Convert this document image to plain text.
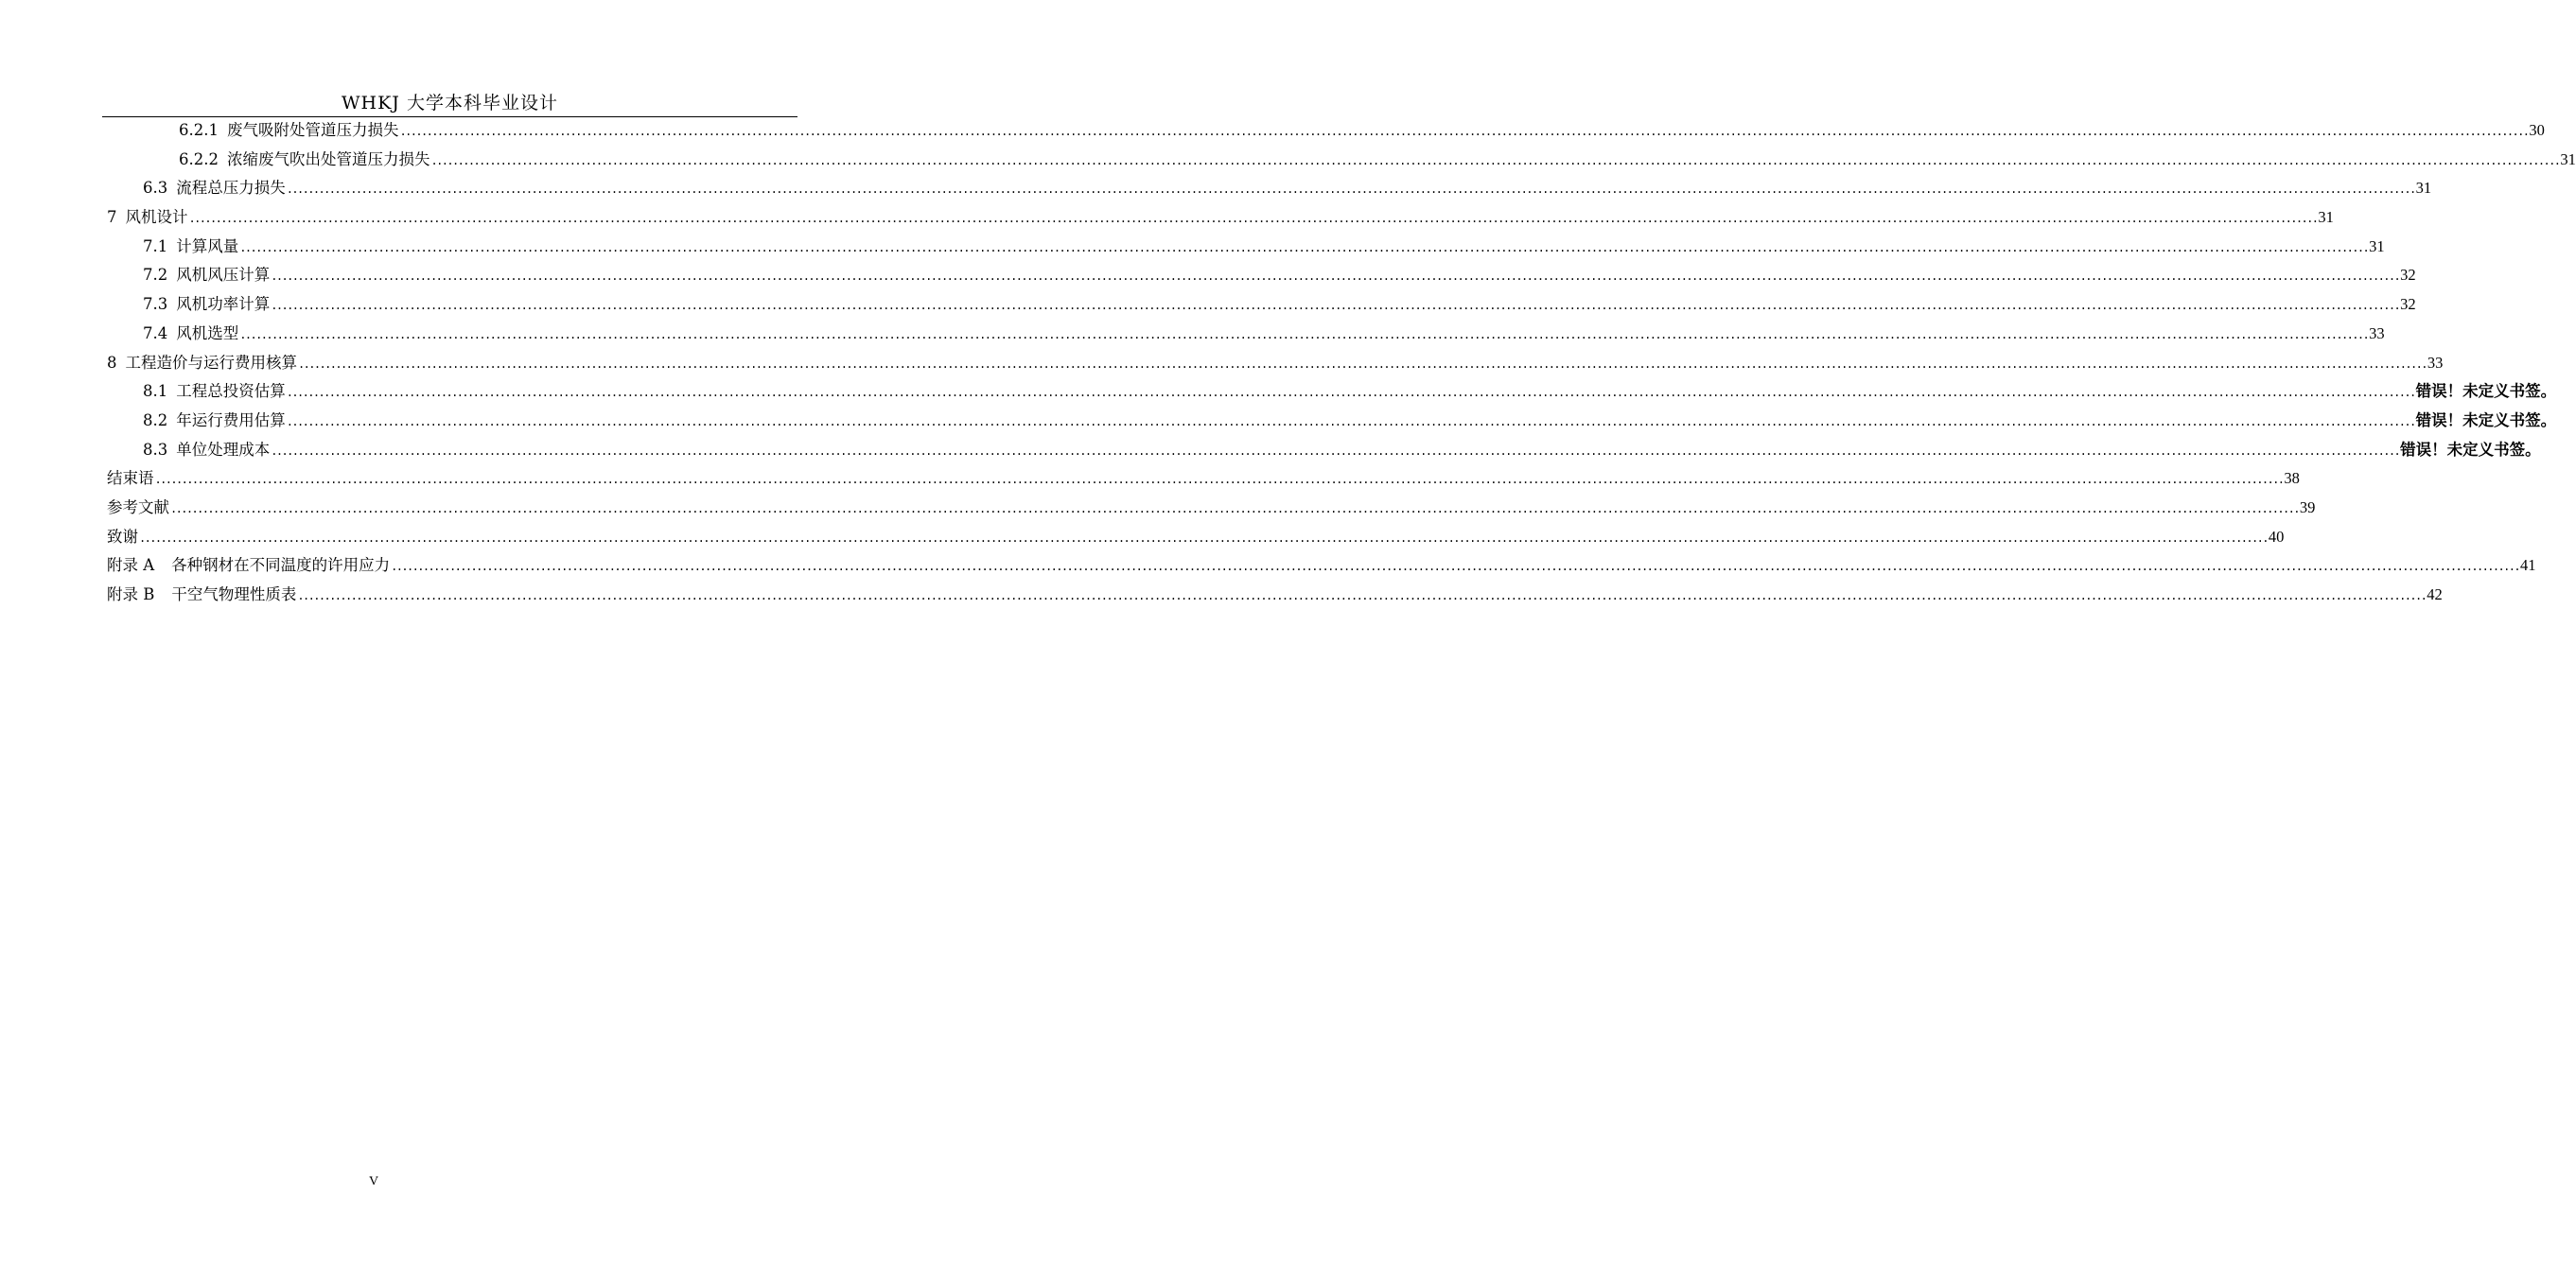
WHKJ 大学本科毕业设计
6.2.1 废气吸附处管道压力损失 ................................................................................................................................................................................................................................................................................................................................................................................................................ 30
6.2.2 浓缩废气吹出处管道压力损失 ................................................................................................................................................................................................................................................................................................................................................................................................................ 31
6.3 流程总压力损失 ................................................................................................................................................................................................................................................................................................................................................................................................................ 31
7 风机设计 ................................................................................................................................................................................................................................................................................................................................................................................................................ 31
7.1 计算风量 ................................................................................................................................................................................................................................................................................................................................................................................................................ 31
7.2 风机风压计算 ................................................................................................................................................................................................................................................................................................................................................................................................................ 32
7.3 风机功率计算 ................................................................................................................................................................................................................................................................................................................................................................................................................ 32
7.4 风机选型 ................................................................................................................................................................................................................................................................................................................................................................................................................ 33
8 工程造价与运行费用核算 ................................................................................................................................................................................................................................................................................................................................................................................................................ 33
8.1 工程总投资估算 ................................................................................................................................................................................................................................................................................................................................................................................................................ 错误！未定义书签。
8.2 年运行费用估算 ................................................................................................................................................................................................................................................................................................................................................................................................................ 错误！未定义书签。
8.3 单位处理成本 ................................................................................................................................................................................................................................................................................................................................................................................................................ 错误！未定义书签。
结束语 ................................................................................................................................................................................................................................................................................................................................................................................................................ 38
参考文献 ................................................................................................................................................................................................................................................................................................................................................................................................................ 39
致谢 ................................................................................................................................................................................................................................................................................................................................................................................................................ 40
附录 A 各种钢材在不同温度的许用应力 ................................................................................................................................................................................................................................................................................................................................................................................................................ 41
附录 B 干空气物理性质表 ................................................................................................................................................................................................................................................................................................................................................................................................................ 42
V
